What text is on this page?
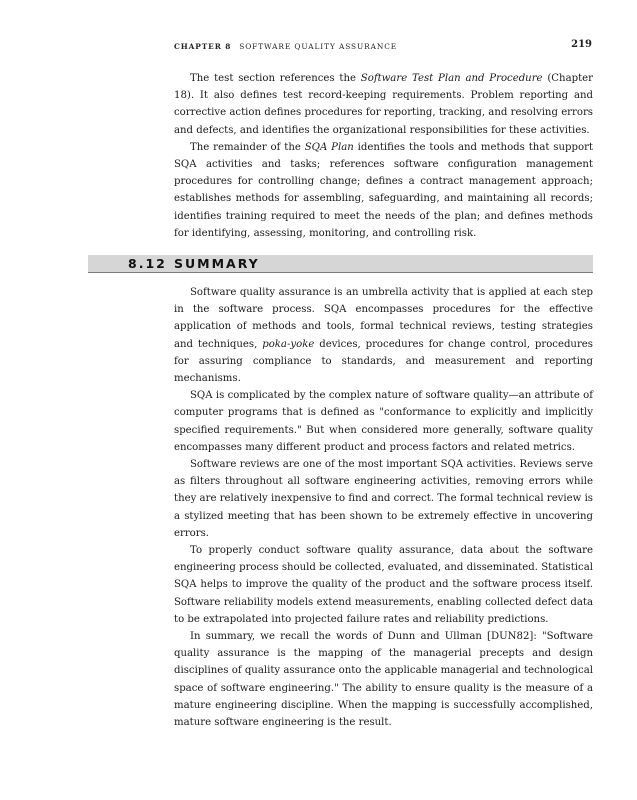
CHAPTER 8 SOFTWARE QUALITY ASSURANCE	219

The test section references the Software Test Plan and Procedure (Chapter 18). It also defines test record-keeping requirements. Problem reporting and corrective action defines procedures for reporting, tracking, and resolving errors and defects, and identifies the organizational responsibilities for these activities.

The remainder of the SQA Plan identifies the tools and methods that support SQA activities and tasks; references software configuration management procedures for controlling change; defines a contract management approach; establishes methods for assembling, safeguarding, and maintaining all records; identifies training required to meet the needs of the plan; and defines methods for identifying, assessing, monitoring, and controlling risk.

8.12 SUMMARY

Software quality assurance is an umbrella activity that is applied at each step in the software process. SQA encompasses procedures for the effective application of methods and tools, formal technical reviews, testing strategies and techniques, poka-yoke devices, procedures for change control, procedures for assuring compliance to standards, and measurement and reporting mechanisms.

SQA is complicated by the complex nature of software quality—an attribute of computer programs that is defined as "conformance to explicitly and implicitly specified requirements." But when considered more generally, software quality encompasses many different product and process factors and related metrics.

Software reviews are one of the most important SQA activities. Reviews serve as filters throughout all software engineering activities, removing errors while they are relatively inexpensive to find and correct. The formal technical review is a stylized meeting that has been shown to be extremely effective in uncovering errors.

To properly conduct software quality assurance, data about the software engineering process should be collected, evaluated, and disseminated. Statistical SQA helps to improve the quality of the product and the software process itself. Software reliability models extend measurements, enabling collected defect data to be extrapolated into projected failure rates and reliability predictions.

In summary, we recall the words of Dunn and Ullman [DUN82]: "Software quality assurance is the mapping of the managerial precepts and design disciplines of quality assurance onto the applicable managerial and technological space of software engineering." The ability to ensure quality is the measure of a mature engineering discipline. When the mapping is successfully accomplished, mature software engineering is the result.
